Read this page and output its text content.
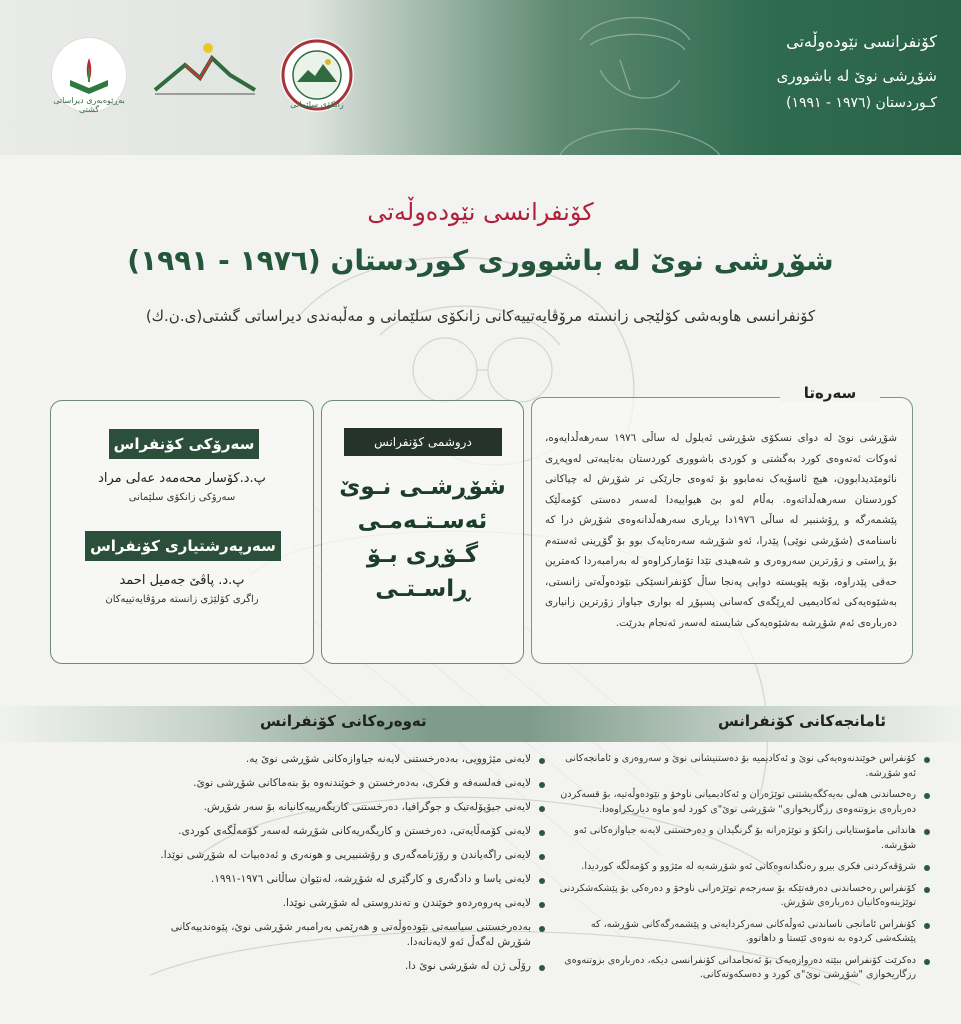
بەڕێوەبەری دیراساتی گشتی
زانكۆی سلێمانی
کۆنفرانسی نێودەوڵەتی
شۆڕشی نوێ لە باشووری
کـوردستان (١٩٧٦ - ١٩٩١)
کۆنفرانسی نێودەوڵەتی
شۆڕشی نوێ لە باشووری کوردستان (١٩٧٦ - ١٩٩١)
کۆنفرانسی هاوبەشی کۆلێجی زانستە مرۆڤایەتییەکانی زانکۆی سلێمانی و مەڵبەندی دیراساتی گشتی(ی.ن.ك)
سەرۆكی كۆنفراس
پ.د.كۆسار محەمەد عەلی مراد
سەرۆكی زانكۆی سلێمانی
سەرپەرشتیاری كۆنفراس
پ.د. پاڤێ جەمیل احمد
راگری كۆلێژی زانستە مرۆڤایەتییەكان
دروشمی كۆنفرانس
شۆڕشـی نـوێ
ئەسـتـەمـی
گـۆڕی بـۆ ڕاسـتـی
سەرەتا
شۆڕشی نوێ لە دوای نسكۆی شۆڕشی ئەیلول لە ساڵی ١٩٧٦ سەرهەڵدایەوە، ئەوکات ئەتەوەی کورد بەگشتی و کوردی باشووری کوردستان بەتایبەتی لەوپەڕی نائومێدیدابوون، هیچ ئاسۆیەک نەمابوو بۆ ئەوەی جارێکی تر شۆڕش لە چیاکانی کوردستان سەرهەڵداتەوە. بەڵام لەو بێ هیواییەدا لەسەر دەستی کۆمەڵێک پێشمەرگە و ڕۆشنبیر لە ساڵی ١٩٧٦دا بڕیاری سەرهەڵدانەوەی شۆڕش درا کە ناسنامەی (شۆڕشی نوێی) پێدرا، ئەو شۆڕشە سەرەتایەک بوو بۆ گۆڕینی ئەستەم بۆ ڕاستی و زۆرترین سەروەری و شەهیدی تێدا تۆمارکراوەو لە بەرامبەردا کەمترین حەقی پێدراوە، بۆیە پێویستە دوایی پەنجا ساڵ کۆنفرانسێکی نێودەوڵەتی زانستی، بەشێوەیەکی ئەکادیمیی لەڕێگەی کەسانی پسپۆڕ لە بواری جیاواز زۆرترین زانیاری دەربارەی ئەم شۆڕشە بەشێوەیەکی شایستە لەسەر ئەنجام بدرێت.
تەوەرەکانی كۆنفرانس	ئامانجەکانی كۆنفرانس
لایەنی مێژوویی، بەدەرخستنی لایەنە جیاوازەکانی شۆڕشی نوێ یە.
لایەنی فەلسەفە و فکری، بەدەرخستن و خوێندنەوە بۆ بنەماکانی شۆڕشی نوێ.
لایەنی جیۆپۆلەتیک و جوگرافیا، دەرخستنی کاریگەرییەکانیانە بۆ سەر شۆڕش.
لایەنی کۆمەڵایەتی، دەرخستن و کاریگەریەکانی شۆڕشە لەسەر کۆمەڵگەی کوردی.
لایەنی راگەیاندن و رۆژنامەگەری و رۆشنبیریی و هونەری و ئەدەبیات لە شۆڕشی نوێدا.
لایەنی یاسا و دادگەری و کارگێری لە شۆڕشە، لەنێوان ساڵانی ١٩٧٦-١٩٩١.
لایەنی پەروەردەو خوێندن و تەندروستی لە شۆڕشی نوێدا.
بەدەرخستنی سیاسەتی نێودەوڵەتی و هەرێمی بەرامبەر شۆڕشی نوێ، پێوەندییەکانی شۆڕش لەگەڵ ئەو لایەنانەدا.
رۆڵی ژن لە شۆڕشی نوێ دا.
کۆنفراس خوێندنەوەیەکی نوێ و ئەکادیمیە بۆ دەستنیشانی نوێ و سەروەری و ئامانجەکانی ئەو شۆڕشە.
رەخساندنی هەلی بەیەکگەیشتنی توێژەران و ئەکادیمیانی ناوخۆ و نێودەوڵەتیە، بۆ قسەکردن دەربارەی بزوتنەوەی رزگاریخوازی" شۆڕشی نوێ"ی کورد لەو ماوە دیاریکراوەدا.
هاندانی مامۆستایانی زانکۆ و توێژەرانە بۆ گرنگیدان و دەرخستنی لایەنە جیاوازەکانی ئەو شۆڕشە.
شرۆڤەکردنی فکری بیرو رەنگدانەوەکانی ئەو شۆڕشەیە لە مێژوو و کۆمەڵگە کوردیدا.
کۆنفراس رەخساندنی دەرفەتێکە بۆ سەرجەم توێژەرانی ناوخۆ و دەرەکی بۆ پێشکەشکردنی توێژینەوەکانیان دەربارەی شۆڕش.
کۆنفراس ئامانجی ناساندنی ئەوڵەکانی سەرکردایەتی و پێشمەرگەکانی شۆڕشە، کە پێشکەشی کردوە بە نەوەی ئێستا و داهاتوو.
دەکرێت کۆنفراس ببێتە دەروازەیەک بۆ ئەنجامدانی کۆنفرانسی دیکە، دەربارەی بزوتنەوەی رزگاریخوازی "شۆڕشی نوێ"ی کورد و دەسکەوتەکانی.
